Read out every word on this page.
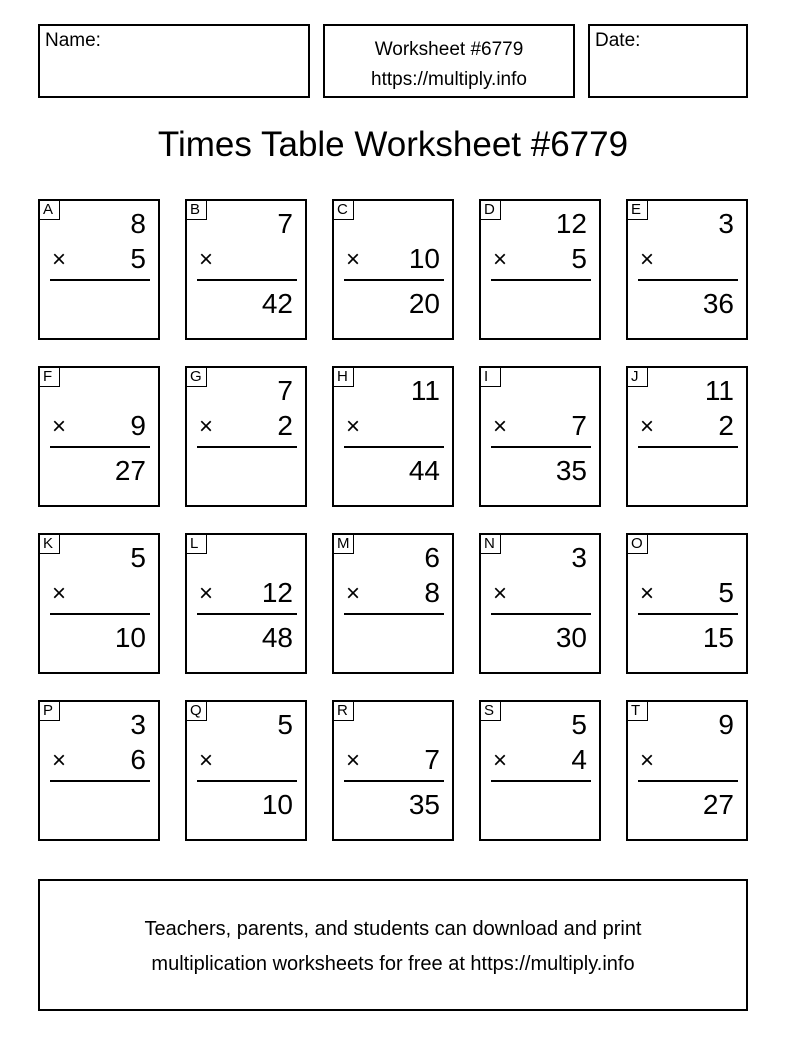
Name:	Worksheet #6779
https://multiply.info
Date:
Times Table Worksheet #6779
A	8
× 5
B	7
×
42
C
× 10
20
D 12
× 5
E	3
×
36
F
× 9
27
G	7
× 2
H 11
×
44
I
× 7
35
J	11
× 2
K	5
×
10
L
× 12
48
M	6
× 8
N	3
×
30
O
× 5
15
P	3
× 6
Q	5
×
10
R
× 7
35
S	5
× 4
T	9
×
27
Teachers, parents, and students can download and print
multiplication worksheets for free at https://multiply.info
